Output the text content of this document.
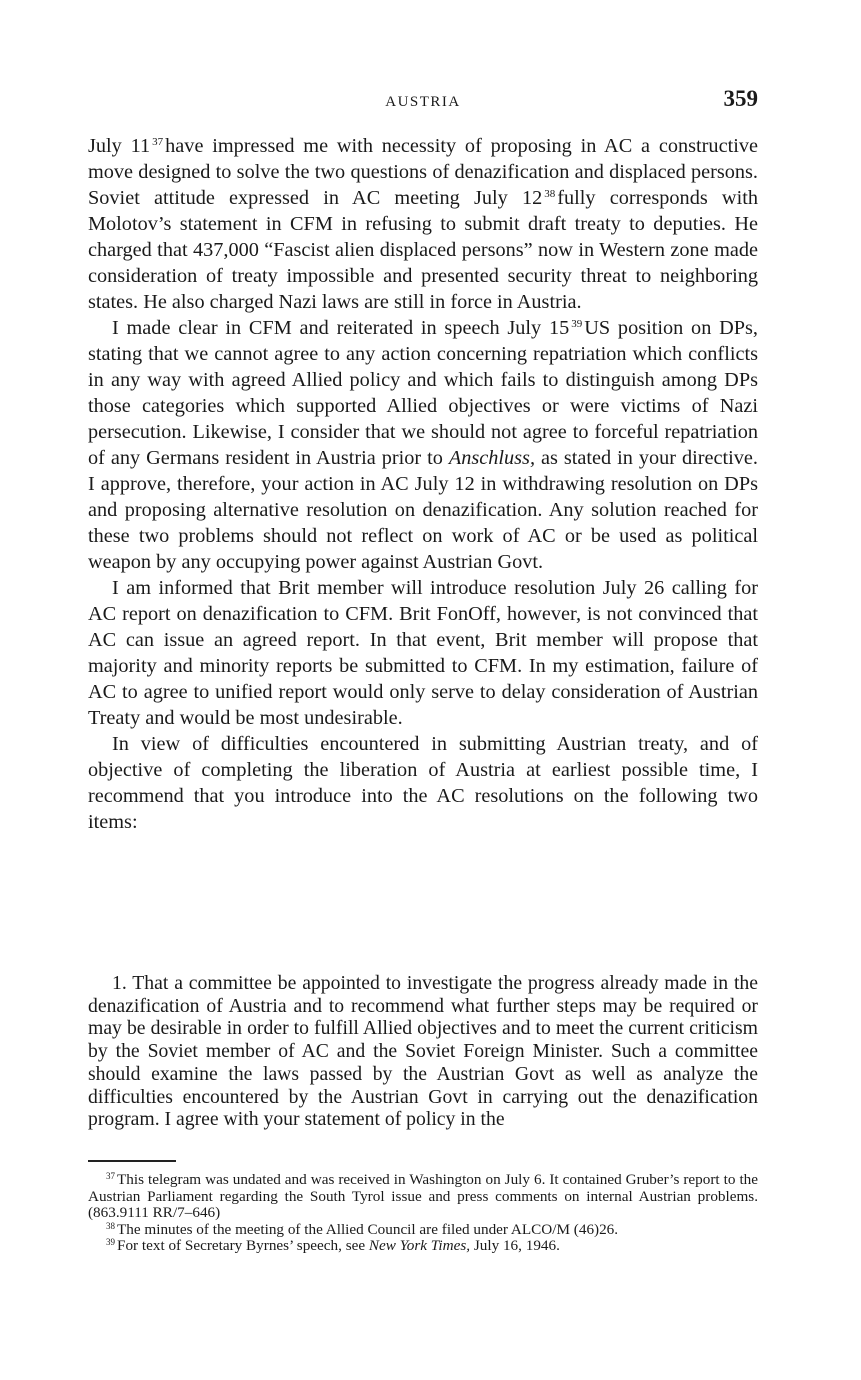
AUSTRIA	359

July 11 $^{37}$have impressed me with necessity of proposing in AC a constructive move designed to solve the two questions of denazification and displaced persons. Soviet attitude expressed in AC meeting July 12 $^{38}$fully corresponds with Molotov’s statement in CFM in refusing to submit draft treaty to deputies. He charged that 437,000 “Fascist alien displaced persons” now in Western zone made consideration of treaty impossible and presented security threat to neighboring states. He also charged Nazi laws are still in force in Austria.

I made clear in CFM and reiterated in speech July 15 $^{39}$US position on DPs, stating that we cannot agree to any action concerning repatriation which conflicts in any way with agreed Allied policy and which fails to distinguish among DPs those categories which supported Allied objectives or were victims of Nazi persecution. Likewise, I consider that we should not agree to forceful repatriation of any Germans resident in Austria prior to Anschluss, as stated in your directive. I approve, therefore, your action in AC July 12 in withdrawing resolution on DPs and proposing alternative resolution on denazification. Any solution reached for these two problems should not reflect on work of AC or be used as political weapon by any occupying power against Austrian Govt.

I am informed that Brit member will introduce resolution July 26 calling for AC report on denazification to CFM. Brit FonOff, however, is not convinced that AC can issue an agreed report. In that event, Brit member will propose that majority and minority reports be submitted to CFM. In my estimation, failure of AC to agree to unified report would only serve to delay consideration of Austrian Treaty and would be most undesirable.

In view of difficulties encountered in submitting Austrian treaty, and of objective of completing the liberation of Austria at earliest possible time, I recommend that you introduce into the AC resolutions on the following two items:

1. That a committee be appointed to investigate the progress already made in the denazification of Austria and to recommend what further steps may be required or may be desirable in order to fulfill Allied objectives and to meet the current criticism by the Soviet member of AC and the Soviet Foreign Minister. Such a committee should examine the laws passed by the Austrian Govt as well as analyze the difficulties encountered by the Austrian Govt in carrying out the denazification program. I agree with your statement of policy in the

$^{37}$ This telegram was undated and was received in Washington on July 6. It contained Gruber’s report to the Austrian Parliament regarding the South Tyrol issue and press comments on internal Austrian problems. (863.9111 RR/7–646)

$^{38}$ The minutes of the meeting of the Allied Council are filed under ALCO/M (46)26.

$^{39}$ For text of Secretary Byrnes’ speech, see New York Times, July 16, 1946.
